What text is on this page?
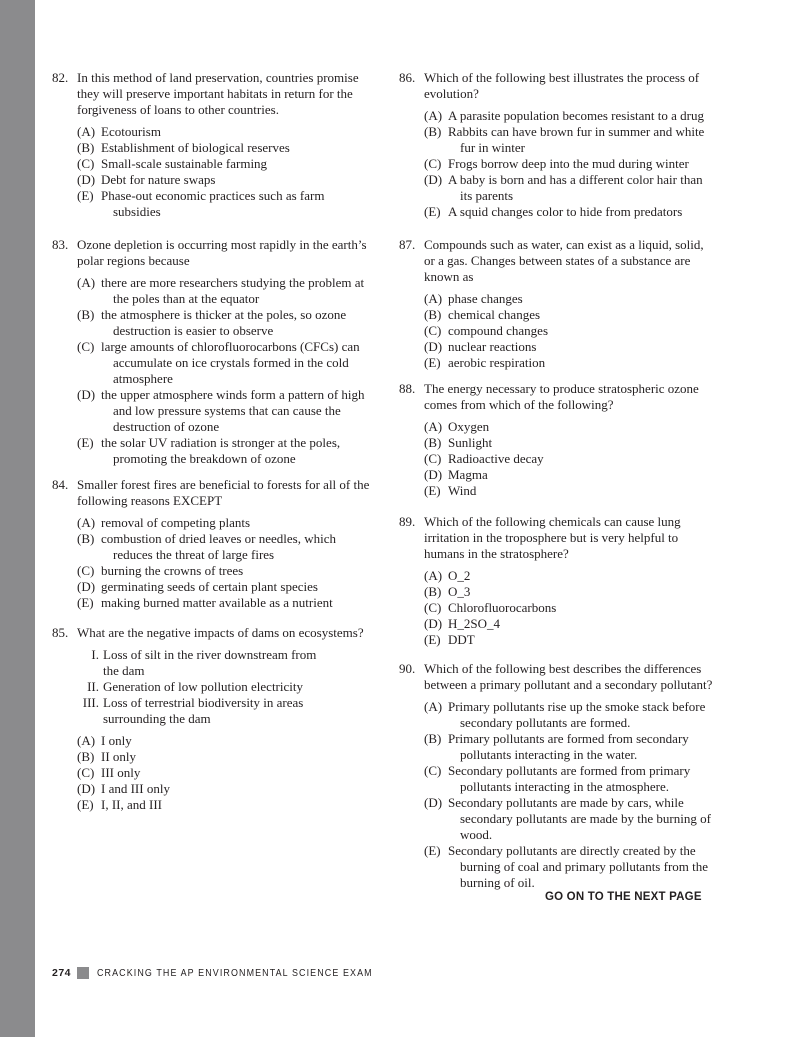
82. In this method of land preservation, countries promise
they will preserve important habitats in return for the
forgiveness of loans to other countries.
(A) Ecotourism
(B) Establishment of biological reserves
(C) Small-scale sustainable farming
(D) Debt for nature swaps
(E) Phase-out economic practices such as farm
subsidies
83. Ozone depletion is occurring most rapidly in the earth’s
polar regions because
(A) there are more researchers studying the problem at
the poles than at the equator
(B) the atmosphere is thicker at the poles, so ozone
destruction is easier to observe
(C) large amounts of chlorofluorocarbons (CFCs) can
accumulate on ice crystals formed in the cold
atmosphere
(D) the upper atmosphere winds form a pattern of high
and low pressure systems that can cause the
destruction of ozone
(E) the solar UV radiation is stronger at the poles,
promoting the breakdown of ozone
84. Smaller forest fires are beneficial to forests for all of the
following reasons EXCEPT
(A) removal of competing plants
(B) combustion of dried leaves or needles, which
reduces the threat of large fires
(C) burning the crowns of trees
(D) germinating seeds of certain plant species
(E) making burned matter available as a nutrient
85. What are the negative impacts of dams on ecosystems?
I. Loss of silt in the river downstream from
the dam
II. Generation of low pollution electricity
III. Loss of terrestrial biodiversity in areas
surrounding the dam
(A) I only
(B) II only
(C) III only
(D) I and III only
(E) I, II, and III
86. Which of the following best illustrates the process of
evolution?
(A) A parasite population becomes resistant to a drug
(B) Rabbits can have brown fur in summer and white
fur in winter
(C) Frogs borrow deep into the mud during winter
(D) A baby is born and has a different color hair than
its parents
(E) A squid changes color to hide from predators
87. Compounds such as water, can exist as a liquid, solid,
or a gas. Changes between states of a substance are
known as
(A) phase changes
(B) chemical changes
(C) compound changes
(D) nuclear reactions
(E) aerobic respiration
88. The energy necessary to produce stratospheric ozone
comes from which of the following?
(A) Oxygen
(B) Sunlight
(C) Radioactive decay
(D) Magma
(E) Wind
89. Which of the following chemicals can cause lung
irritation in the troposphere but is very helpful to
humans in the stratosphere?
(A) O_2
(B) O_3
(C) Chlorofluorocarbons
(D) H_2SO_4
(E) DDT
90. Which of the following best describes the differences
between a primary pollutant and a secondary pollutant?
(A) Primary pollutants rise up the smoke stack before
secondary pollutants are formed.
(B) Primary pollutants are formed from secondary
pollutants interacting in the water.
(C) Secondary pollutants are formed from primary
pollutants interacting in the atmosphere.
(D) Secondary pollutants are made by cars, while
secondary pollutants are made by the burning of
wood.
(E) Secondary pollutants are directly created by the
burning of coal and primary pollutants from the
burning of oil.
GO ON TO THE NEXT PAGE
274 CRACKING THE AP ENVIRONMENTAL SCIENCE EXAM
